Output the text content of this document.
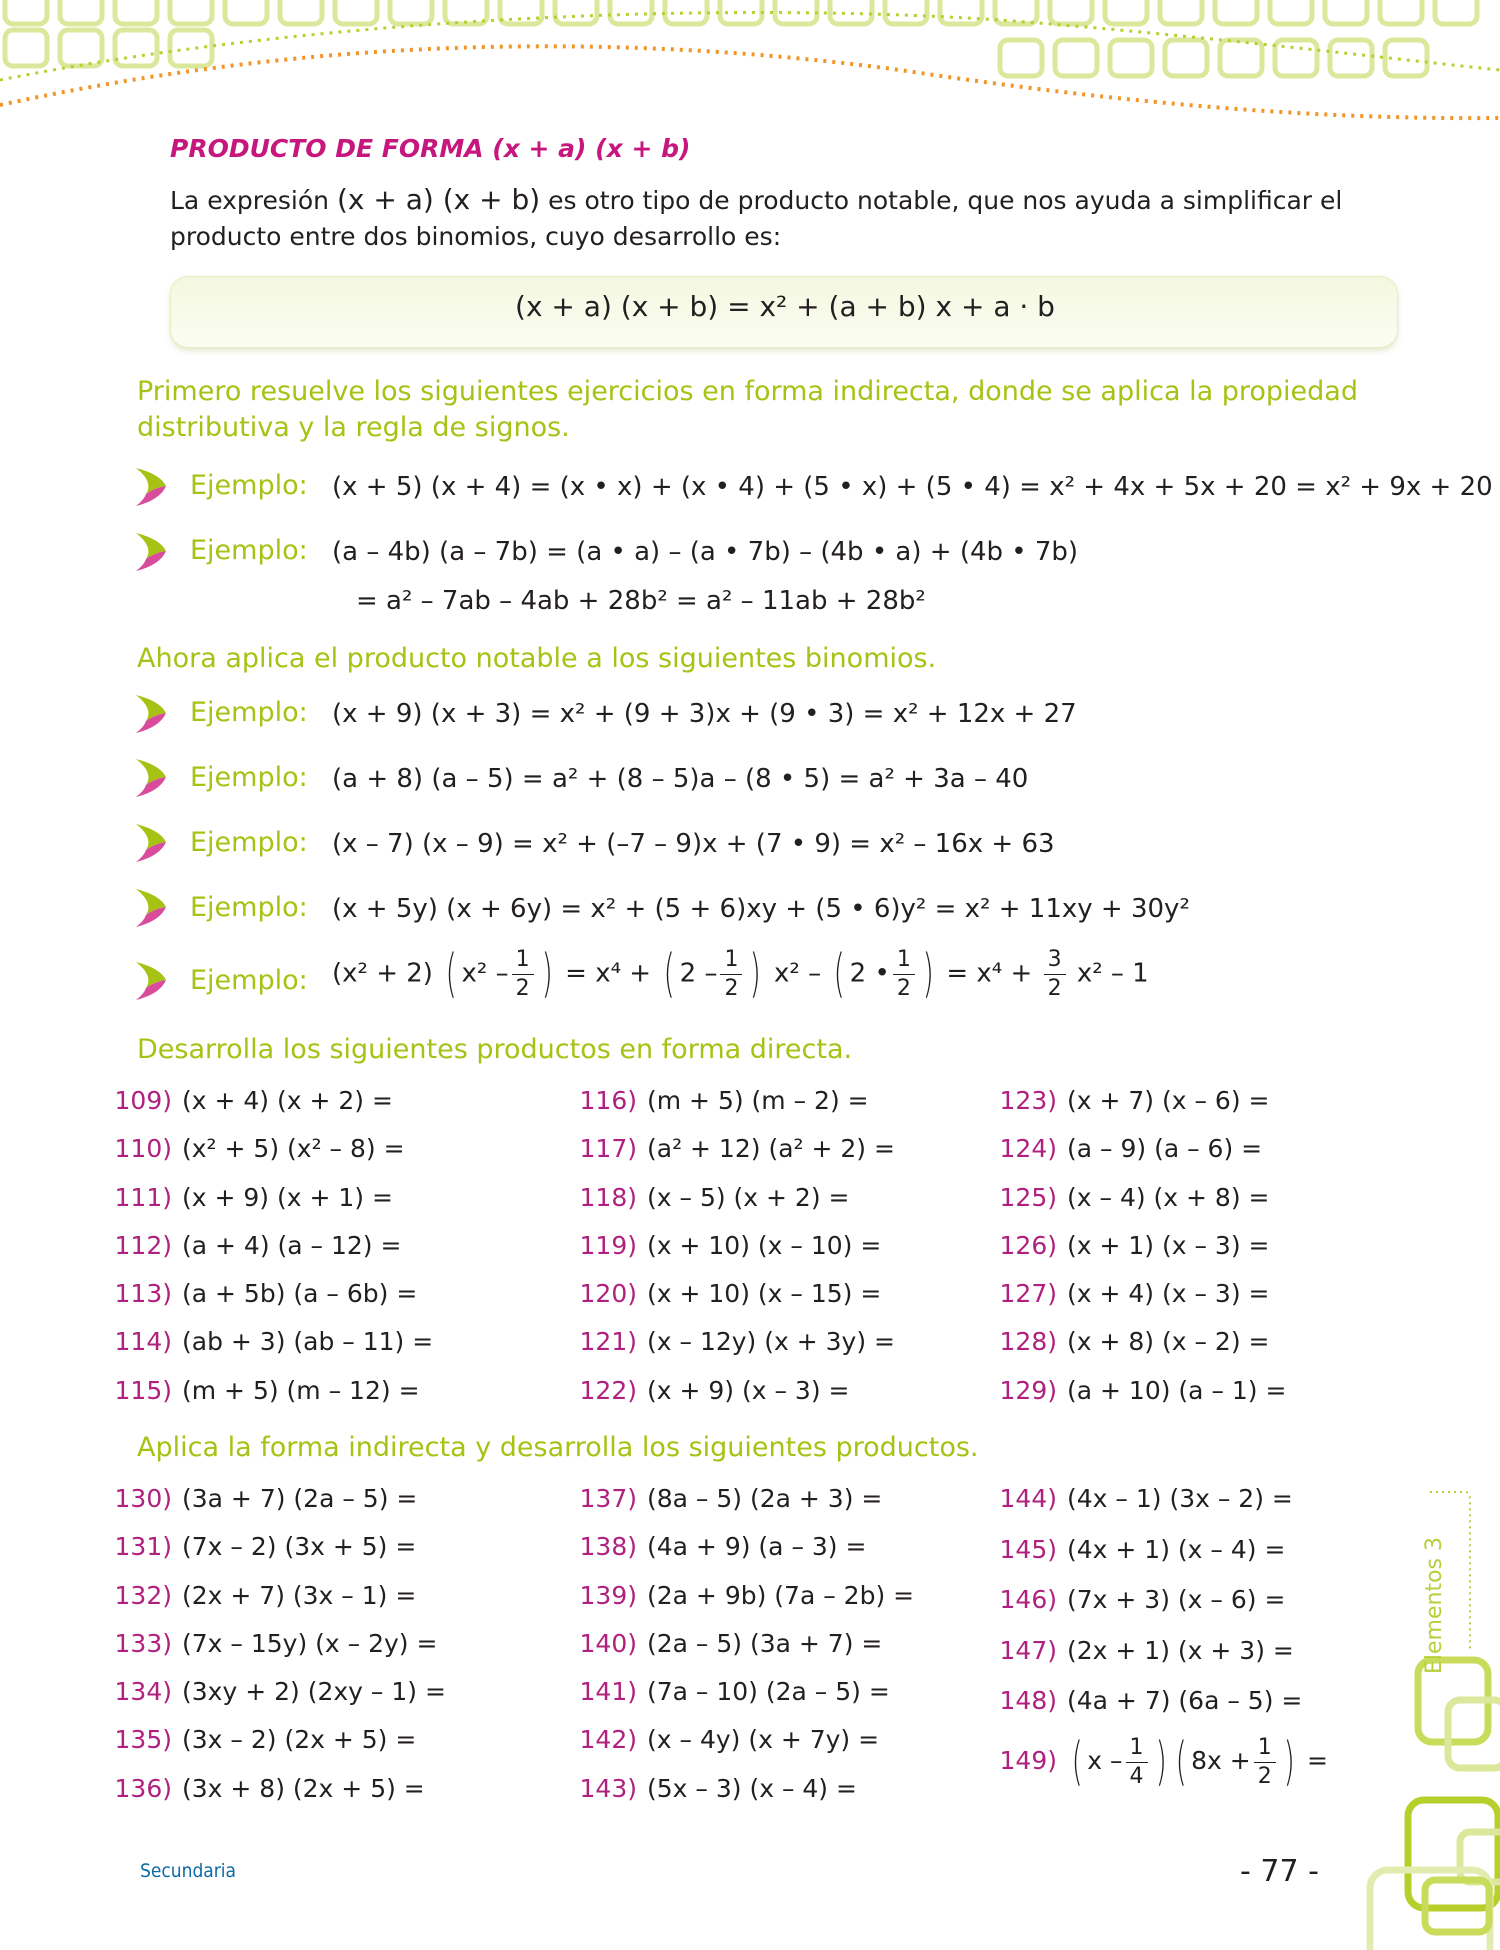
PRODUCTO DE FORMA (x + a) (x + b)
La expresión (x + a) (x + b) es otro tipo de producto notable, que nos ayuda a simplificar el producto entre dos binomios, cuyo desarrollo es:
(x + a) (x + b) = x² + (a + b) x + a · b
Primero resuelve los siguientes ejercicios en forma indirecta, donde se aplica la propiedad distributiva y la regla de signos.
Ejemplo: (x + 5) (x + 4) = (x • x) + (x • 4) + (5 • x) + (5 • 4) = x² + 4x + 5x + 20 = x² + 9x + 20
Ejemplo: (a – 4b) (a – 7b) = (a • a) – (a • 7b) – (4b • a) + (4b • 7b)
= a² – 7ab – 4ab + 28b² = a² – 11ab + 28b²
Ahora aplica el producto notable a los siguientes binomios.
Ejemplo: (x + 9) (x + 3) = x² + (9 + 3)x + (9 • 3) = x² + 12x + 27
Ejemplo: (a + 8) (a – 5) = a² + (8 – 5)a – (8 • 5) = a² + 3a – 40
Ejemplo: (x – 7) (x – 9) = x² + (–7 – 9)x + (7 • 9) = x² – 16x + 63
Ejemplo: (x + 5y) (x + 6y) = x² + (5 + 6)xy + (5 • 6)y² = x² + 11xy + 30y²
Ejemplo: (x² + 2) ( $x^2 - \frac{1}{2}$ ) = x⁴ + ( $2 - \frac{1}{2}$ ) x² – ( 2 • $\frac{1}{2}$ ) = $x^4 + \frac{3}{2} x^2 - 1$
Desarrolla los siguientes productos en forma directa.
109) (x + 4) (x + 2) =
110) (x² + 5) (x² – 8) =
111) (x + 9) (x + 1) =
112) (a + 4) (a – 12) =
113) (a + 5b) (a – 6b) =
114) (ab + 3) (ab – 11) =
115) (m + 5) (m – 12) =
116) (m + 5) (m – 2) =
117) (a² + 12) (a² + 2) =
118) (x – 5) (x + 2) =
119) (x + 10) (x – 10) =
120) (x + 10) (x – 15) =
121) (x – 12y) (x + 3y) =
122) (x + 9) (x – 3) =
123) (x + 7) (x – 6) =
124) (a – 9) (a – 6) =
125) (x – 4) (x + 8) =
126) (x + 1) (x – 3) =
127) (x + 4) (x – 3) =
128) (x + 8) (x – 2) =
129) (a + 10) (a – 1) =
Aplica la forma indirecta y desarrolla los siguientes productos.
130) (3a + 7) (2a – 5) =
131) (7x – 2) (3x + 5) =
132) (2x + 7) (3x – 1) =
133) (7x – 15y) (x – 2y) =
134) (3xy + 2) (2xy – 1) =
135) (3x – 2) (2x + 5) =
136) (3x + 8) (2x + 5) =
137) (8a – 5) (2a + 3) =
138) (4a + 9) (a – 3) =
139) (2a + 9b) (7a – 2b) =
140) (2a – 5) (3a + 7) =
141) (7a – 10) (2a – 5) =
142) (x – 4y) (x + 7y) =
143) (5x – 3) (x – 4) =
144) (4x – 1) (3x – 2) =
145) (4x + 1) (x – 4) =
146) (7x + 3) (x – 6) =
147) (2x + 1) (x + 3) =
148) (4a + 7) (6a – 5) =
149) ( x – $\frac{1}{4}$ ) ( $8x + \frac{1}{2}$ ) =
Elementos 3
Secundaria	- 77 -
